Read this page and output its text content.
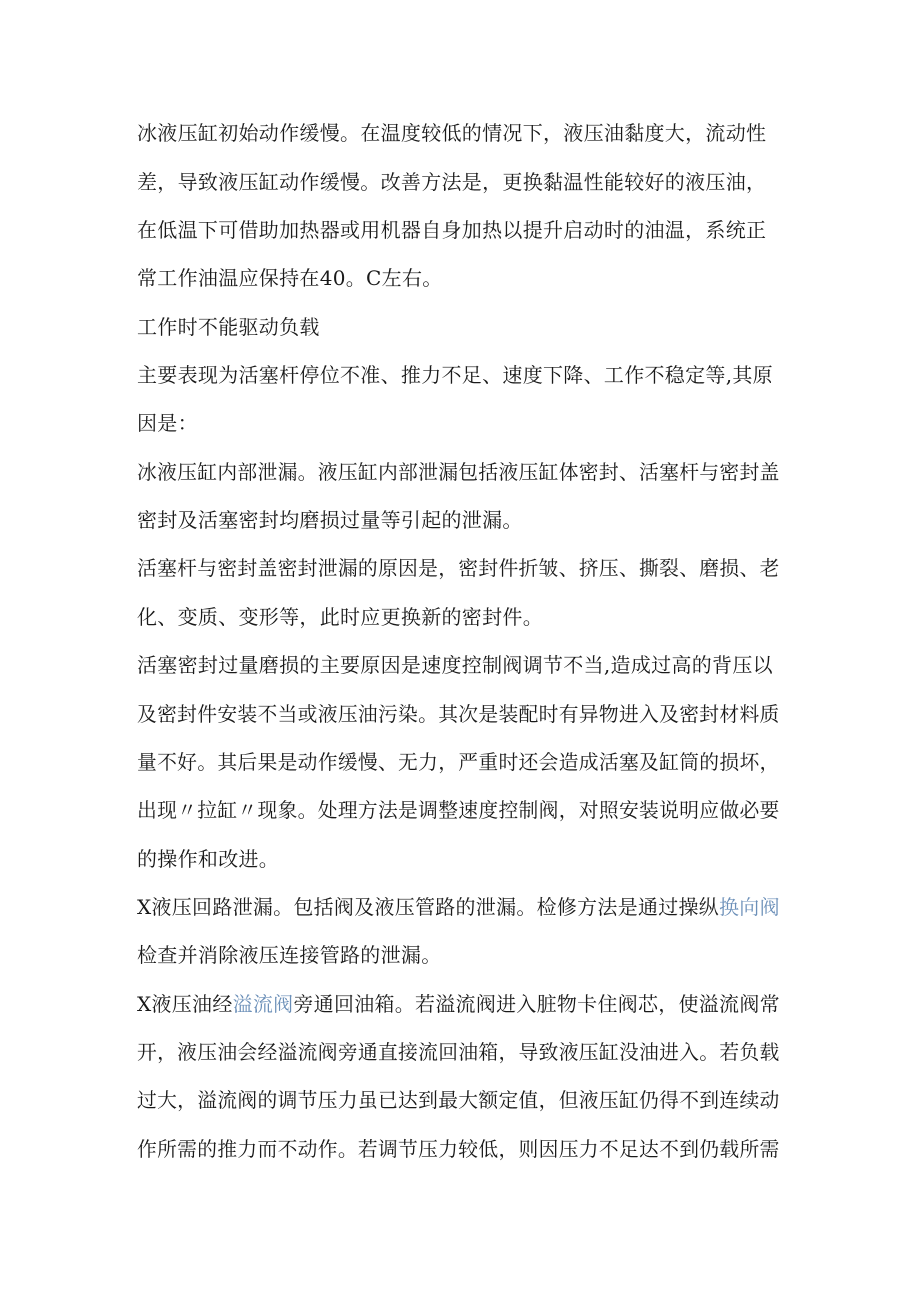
冰液压缸初始动作缓慢。在温度较低的情况下，液压油黏度大，流动性
差，导致液压缸动作缓慢。改善方法是，更换黏温性能较好的液压油，
在低温下可借助加热器或用机器自身加热以提升启动时的油温，系统正
常工作油温应保持在40。C左右。
工作时不能驱动负载
主要表现为活塞杆停位不准、推力不足、速度下降、工作不稳定等,其原
因是：
冰液压缸内部泄漏。液压缸内部泄漏包括液压缸体密封、活塞杆与密封盖
密封及活塞密封均磨损过量等引起的泄漏。
活塞杆与密封盖密封泄漏的原因是，密封件折皱、挤压、撕裂、磨损、老
化、变质、变形等，此时应更换新的密封件。
活塞密封过量磨损的主要原因是速度控制阀调节不当,造成过高的背压以
及密封件安装不当或液压油污染。其次是装配时有异物进入及密封材料质
量不好。其后果是动作缓慢、无力，严重时还会造成活塞及缸筒的损坏，
出现〃拉缸〃现象。处理方法是调整速度控制阀，对照安装说明应做必要
的操作和改进。
X液压回路泄漏。包括阀及液压管路的泄漏。检修方法是通过操纵换向阀
检查并消除液压连接管路的泄漏。
X液压油经溢流阀旁通回油箱。若溢流阀进入脏物卡住阀芯，使溢流阀常
开，液压油会经溢流阀旁通直接流回油箱，导致液压缸没油进入。若负载
过大，溢流阀的调节压力虽已达到最大额定值，但液压缸仍得不到连续动
作所需的推力而不动作。若调节压力较低，则因压力不足达不到仍载所需
